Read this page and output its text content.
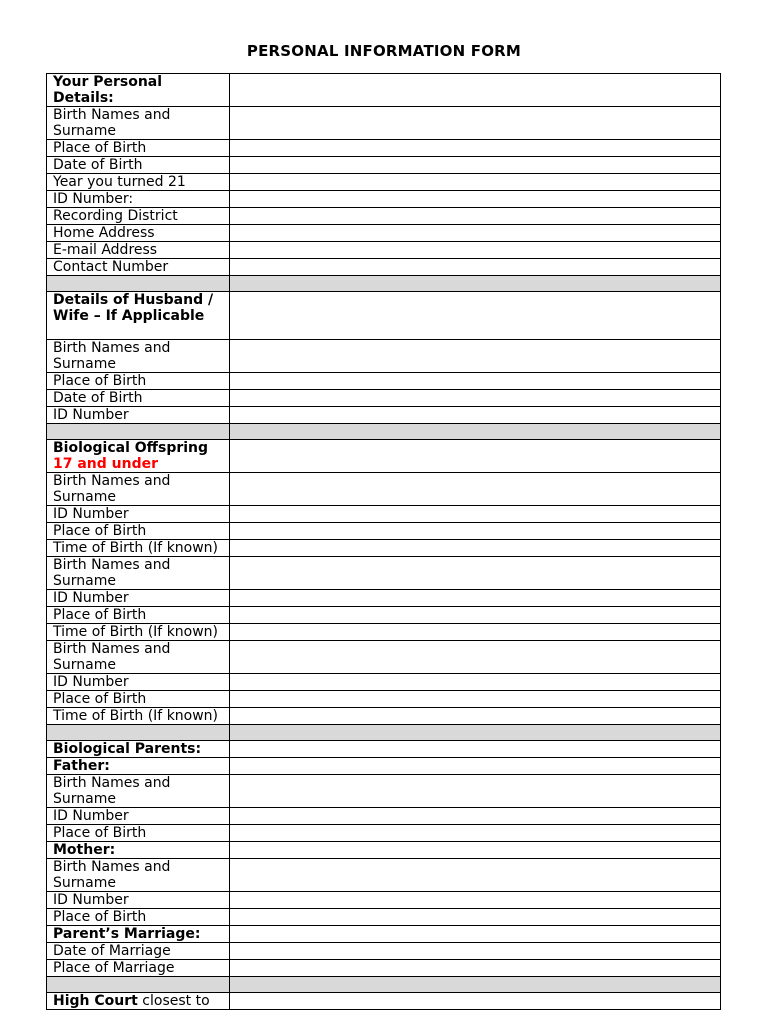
PERSONAL INFORMATION FORM
Your Personal Details:	
Birth Names and Surname	
Place of Birth	
Date of Birth	
Year you turned 21	
ID Number:	
Recording District	
Home Address	
E-mail Address	
Contact Number	

Details of Husband / Wife – If Applicable	
Birth Names and Surname	
Place of Birth	
Date of Birth	
ID Number	

Biological Offspring
17 and under	
Birth Names and Surname	
ID Number	
Place of Birth	
Time of Birth (If known)	
Birth Names and Surname	
ID Number	
Place of Birth	
Time of Birth (If known)	
Birth Names and Surname	
ID Number	
Place of Birth	
Time of Birth (If known)	

Biological Parents:	
Father:	
Birth Names and Surname	
ID Number	
Place of Birth	
Mother:	
Birth Names and Surname	
ID Number	
Place of Birth	
Parent’s Marriage:	
Date of Marriage	
Place of Marriage	

High Court closest to	
